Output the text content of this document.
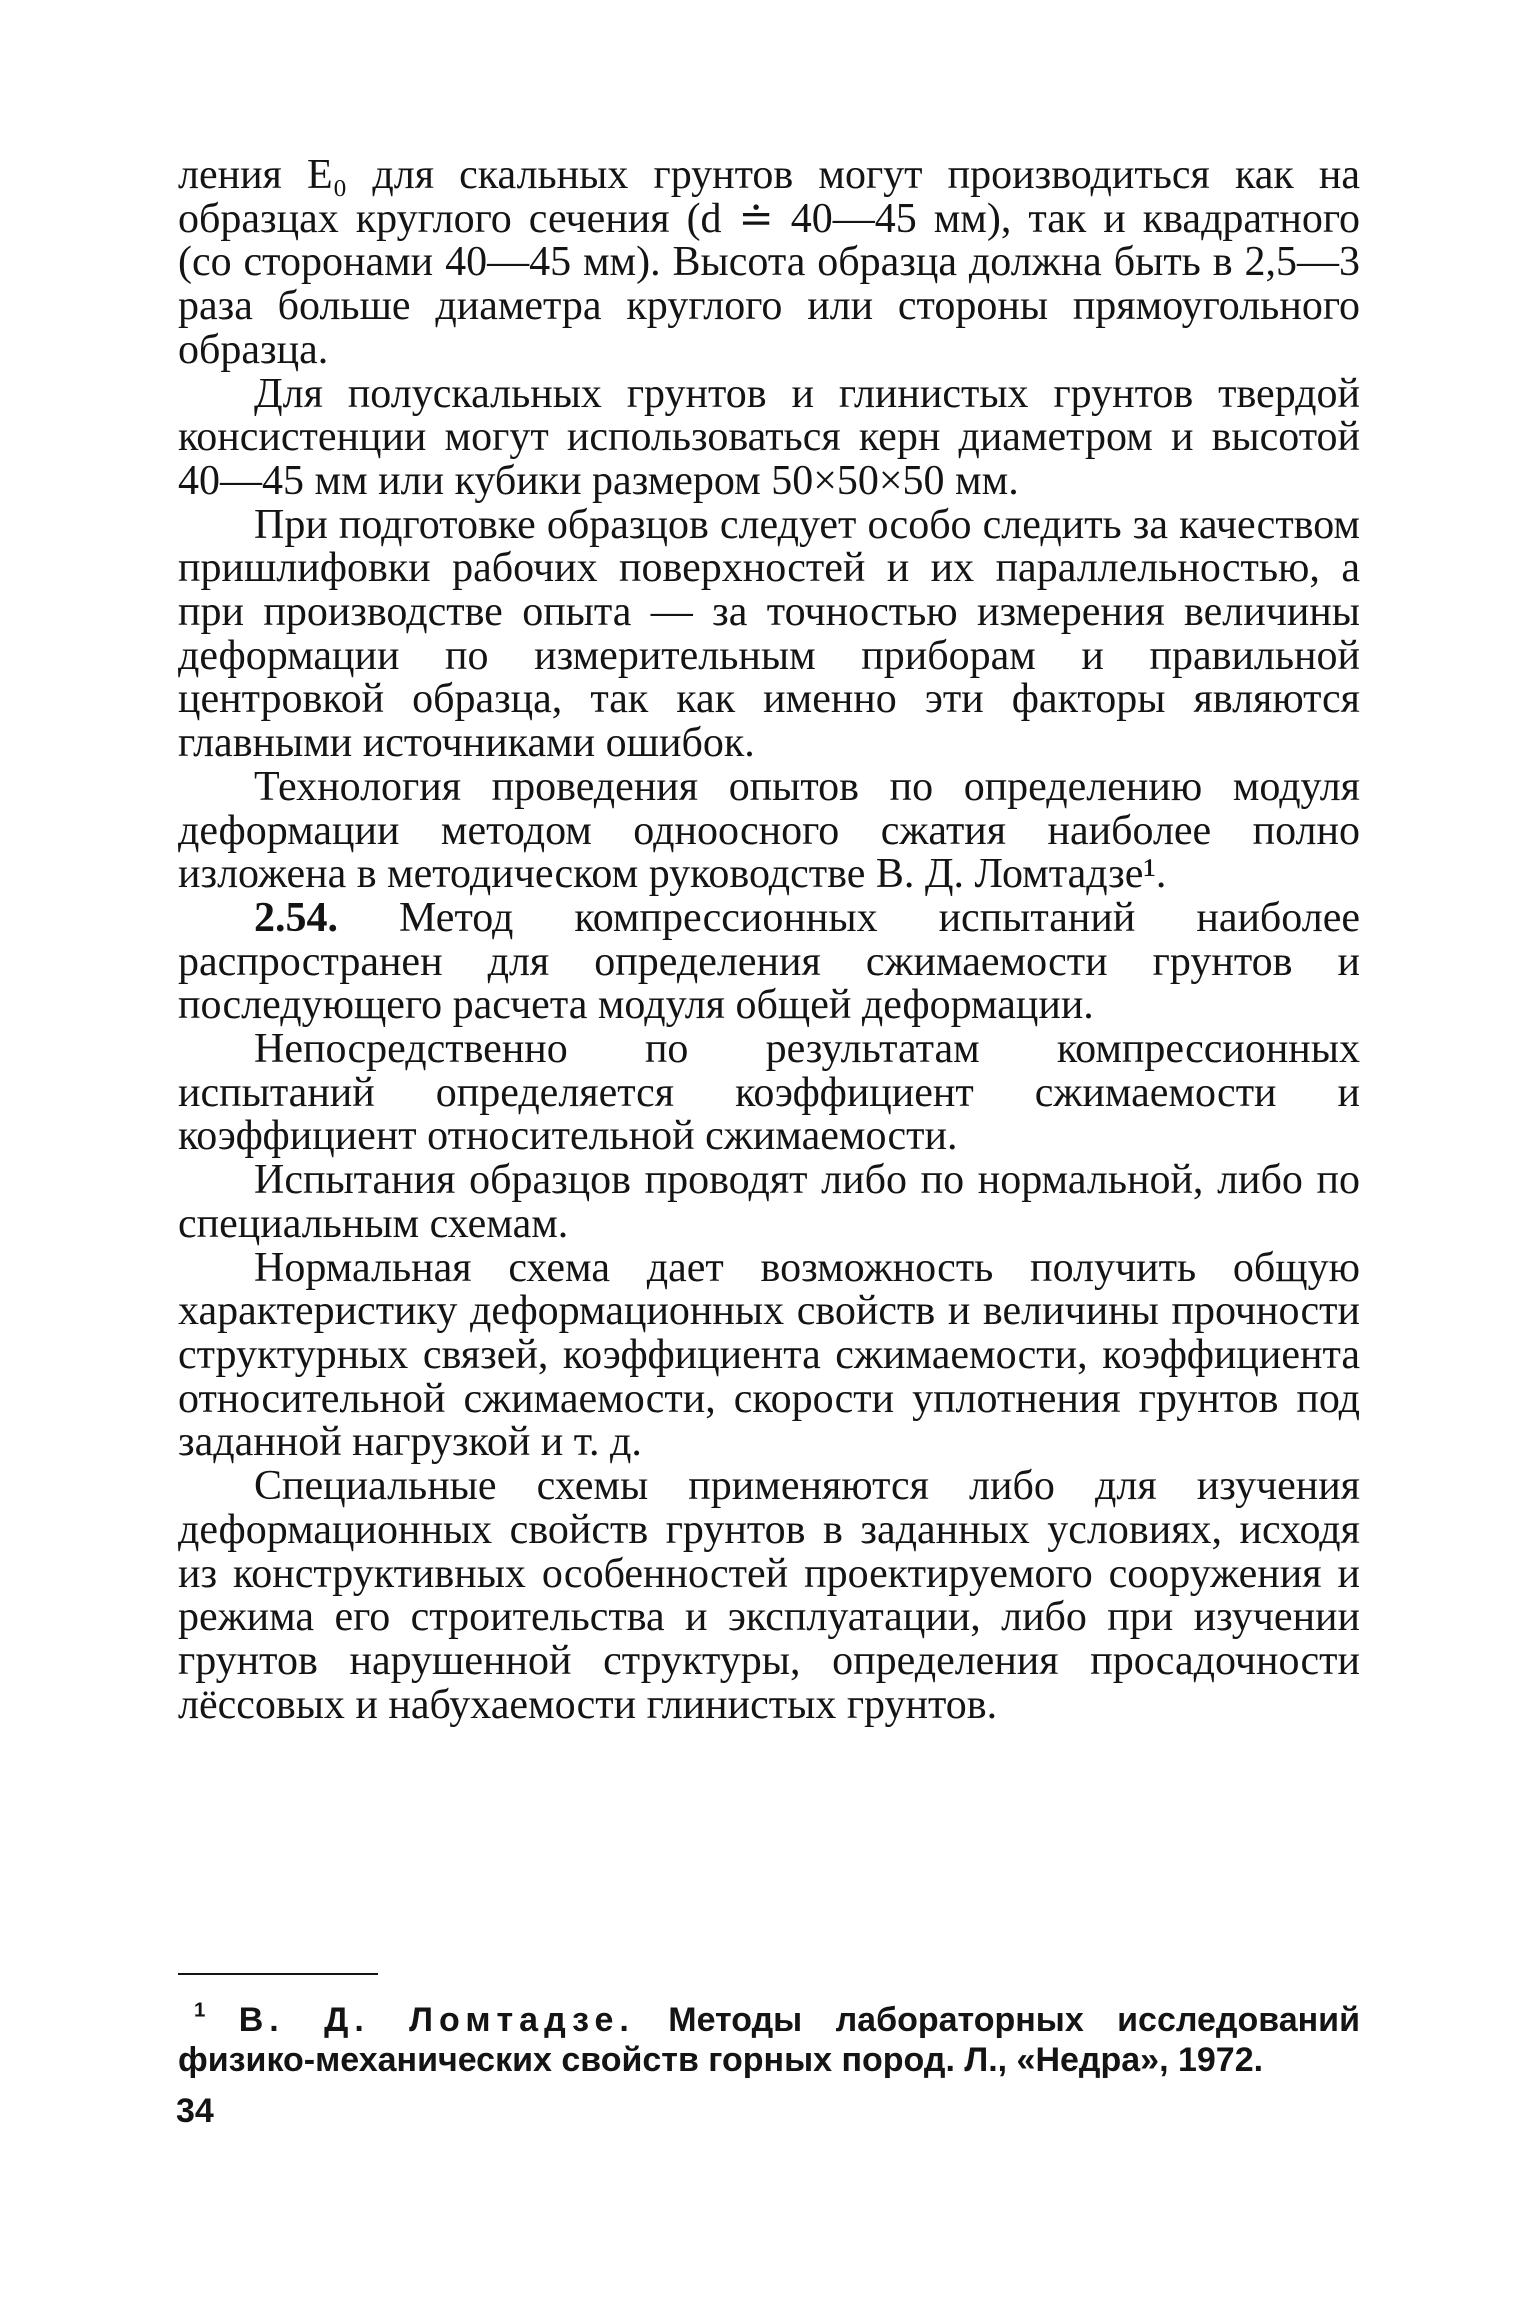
ления E₀ для скальных грунтов могут производиться как на образцах круглого сечения (d ≐ 40—45 мм), так и квадратного (со сторонами 40—45 мм). Высота образца должна быть в 2,5—3 раза больше диаметра круглого или стороны прямоугольного образца.

Для полускальных грунтов и глинистых грунтов твердой консистенции могут использоваться керн диаметром и высотой 40—45 мм или кубики размером 50×50×50 мм.

При подготовке образцов следует особо следить за качеством пришлифовки рабочих поверхностей и их параллельностью, а при производстве опыта — за точностью измерения величины деформации по измерительным приборам и правильной центровкой образца, так как именно эти факторы являются главными источниками ошибок.

Технология проведения опытов по определению модуля деформации методом одноосного сжатия наиболее полно изложена в методическом руководстве В. Д. Ломтадзе¹.

2.54. Метод компрессионных испытаний наиболее распространен для определения сжимаемости грунтов и последующего расчета модуля общей деформации.

Непосредственно по результатам компрессионных испытаний определяется коэффициент сжимаемости и коэффициент относительной сжимаемости.

Испытания образцов проводят либо по нормальной, либо по специальным схемам.

Нормальная схема дает возможность получить общую характеристику деформационных свойств и величины прочности структурных связей, коэффициента сжимаемости, коэффициента относительной сжимаемости, скорости уплотнения грунтов под заданной нагрузкой и т. д.

Специальные схемы применяются либо для изучения деформационных свойств грунтов в заданных условиях, исходя из конструктивных особенностей проектируемого сооружения и режима его строительства и эксплуатации, либо при изучении грунтов нарушенной структуры, определения просадочности лёссовых и набухаемости глинистых грунтов.

$^1$ В. Д. Ломтадзе. Методы лабораторных исследований физико-механических свойств горных пород. Л., «Недра», 1972.
34
